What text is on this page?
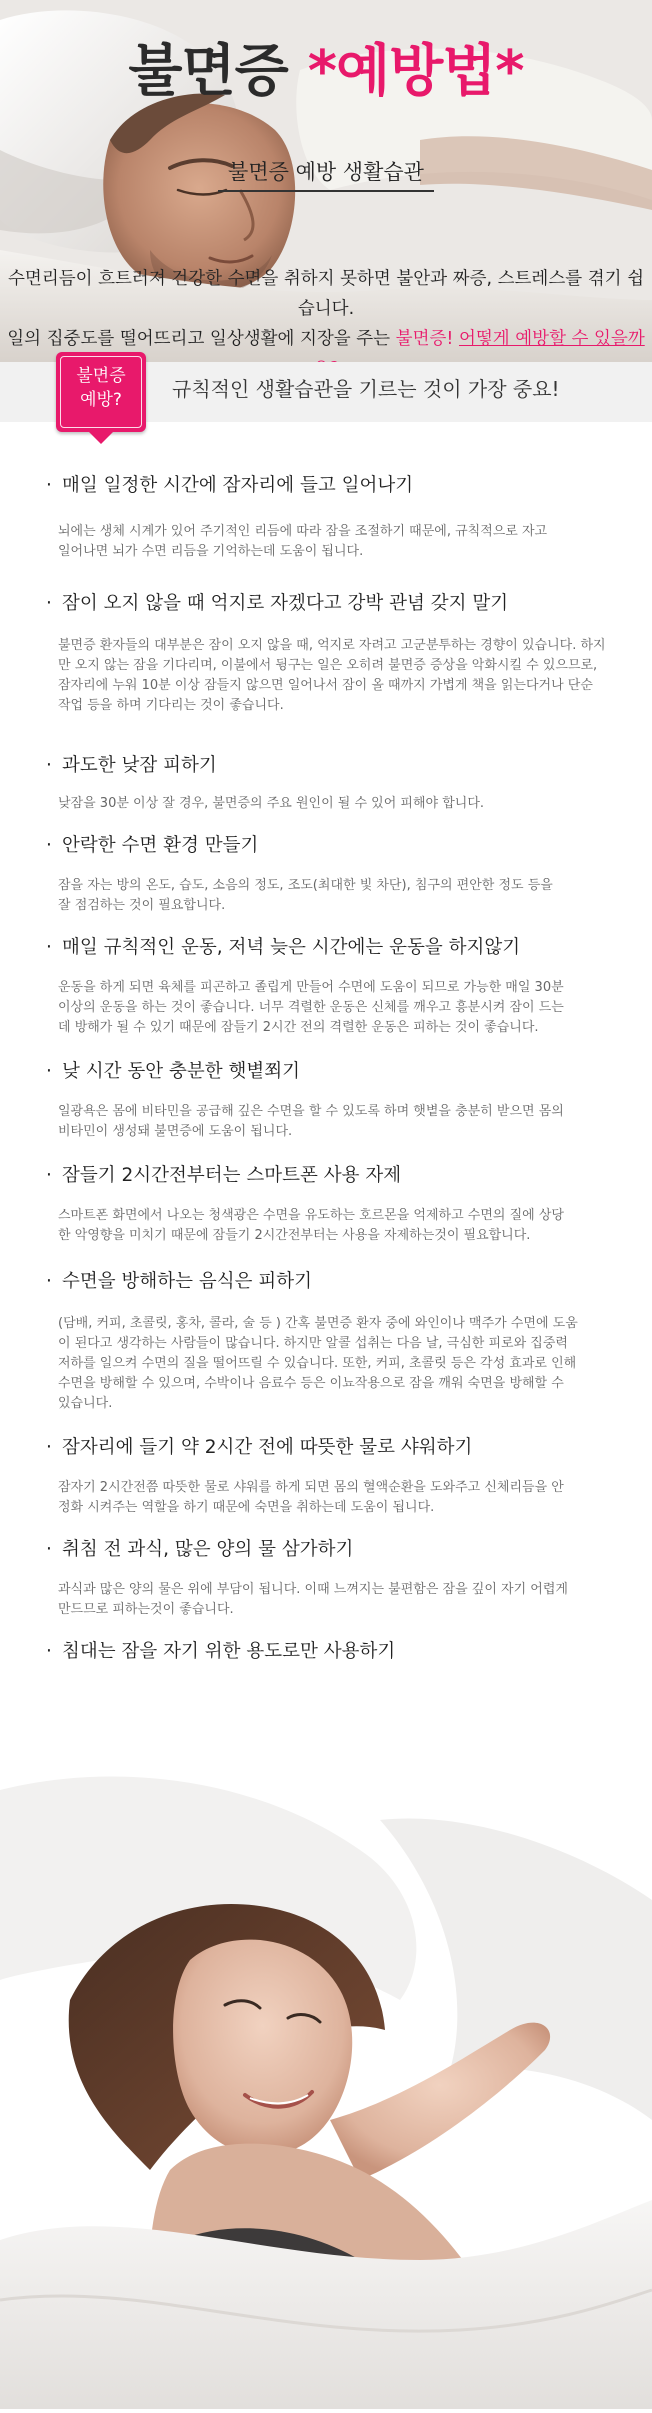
불면증 *예방법*
불면증 예방 생활습관
수면리듬이 흐트러져 건강한 수면을 취하지 못하면 불안과 짜증, 스트레스를 겪기 쉽습니다.
일의 집중도를 떨어뜨리고 일상생활에 지장을 주는 불면증! 어떻게 예방할 수 있을까
불면증
예방?	규칙적인 생활습관을 기르는 것이 가장 중요!
· 매일 일정한 시간에 잠자리에 들고 일어나기
뇌에는 생체 시계가 있어 주기적인 리듬에 따라 잠을 조절하기 때문에, 규칙적으로 자고
일어나면 뇌가 수면 리듬을 기억하는데 도움이 됩니다.
· 잠이 오지 않을 때 억지로 자겠다고 강박 관념 갖지 말기
불면증 환자들의 대부분은 잠이 오지 않을 때, 억지로 자려고 고군분투하는 경향이 있습니다. 하지
만 오지 않는 잠을 기다리며, 이불에서 뒹구는 일은 오히려 불면증 증상을 악화시킬 수 있으므로,
잠자리에 누워 10분 이상 잠들지 않으면 일어나서 잠이 올 때까지 가볍게 책을 읽는다거나 단순
작업 등을 하며 기다리는 것이 좋습니다.
· 과도한 낮잠 피하기
낮잠을 30분 이상 잘 경우, 불면증의 주요 원인이 될 수 있어 피해야 합니다.
· 안락한 수면 환경 만들기
잠을 자는 방의 온도, 습도, 소음의 정도, 조도(최대한 빛 차단), 침구의 편안한 정도 등을
잘 점검하는 것이 필요합니다.
· 매일 규칙적인 운동, 저녁 늦은 시간에는 운동을 하지않기
운동을 하게 되면 육체를 피곤하고 졸립게 만들어 수면에 도움이 되므로 가능한 매일 30분
이상의 운동을 하는 것이 좋습니다. 너무 격렬한 운동은 신체를 깨우고 흥분시켜 잠이 드는
데 방해가 될 수 있기 때문에 잠들기 2시간 전의 격렬한 운동은 피하는 것이 좋습니다.
· 낮 시간 동안 충분한 햇볕쬐기
일광욕은 몸에 비타민을 공급해 깊은 수면을 할 수 있도록 하며 햇볕을 충분히 받으면 몸의
비타민이 생성돼 불면증에 도움이 됩니다.
· 잠들기 2시간전부터는 스마트폰 사용 자제
스마트폰 화면에서 나오는 청색광은 수면을 유도하는 호르몬을 억제하고 수면의 질에 상당
한 악영향을 미치기 때문에 잠들기 2시간전부터는 사용을 자제하는것이 필요합니다.
· 수면을 방해하는 음식은 피하기
(담배, 커피, 초콜릿, 홍차, 콜라, 술 등 ) 간혹 불면증 환자 중에 와인이나 맥주가 수면에 도움
이 된다고 생각하는 사람들이 많습니다. 하지만 알콜 섭취는 다음 날, 극심한 피로와 집중력
저하를 일으켜 수면의 질을 떨어뜨릴 수 있습니다. 또한, 커피, 초콜릿 등은 각성 효과로 인해
수면을 방해할 수 있으며, 수박이나 음료수 등은 이뇨작용으로 잠을 깨워 숙면을 방해할 수
있습니다.
· 잠자리에 들기 약 2시간 전에 따뜻한 물로 샤워하기
잠자기 2시간전쯤 따뜻한 물로 샤워를 하게 되면 몸의 혈액순환을 도와주고 신체리듬을 안
정화 시켜주는 역할을 하기 때문에 숙면을 취하는데 도움이 됩니다.
· 취침 전 과식, 많은 양의 물 삼가하기
과식과 많은 양의 물은 위에 부담이 됩니다. 이때 느껴지는 불편함은 잠을 깊이 자기 어렵게
만드므로 피하는것이 좋습니다.
· 침대는 잠을 자기 위한 용도로만 사용하기
